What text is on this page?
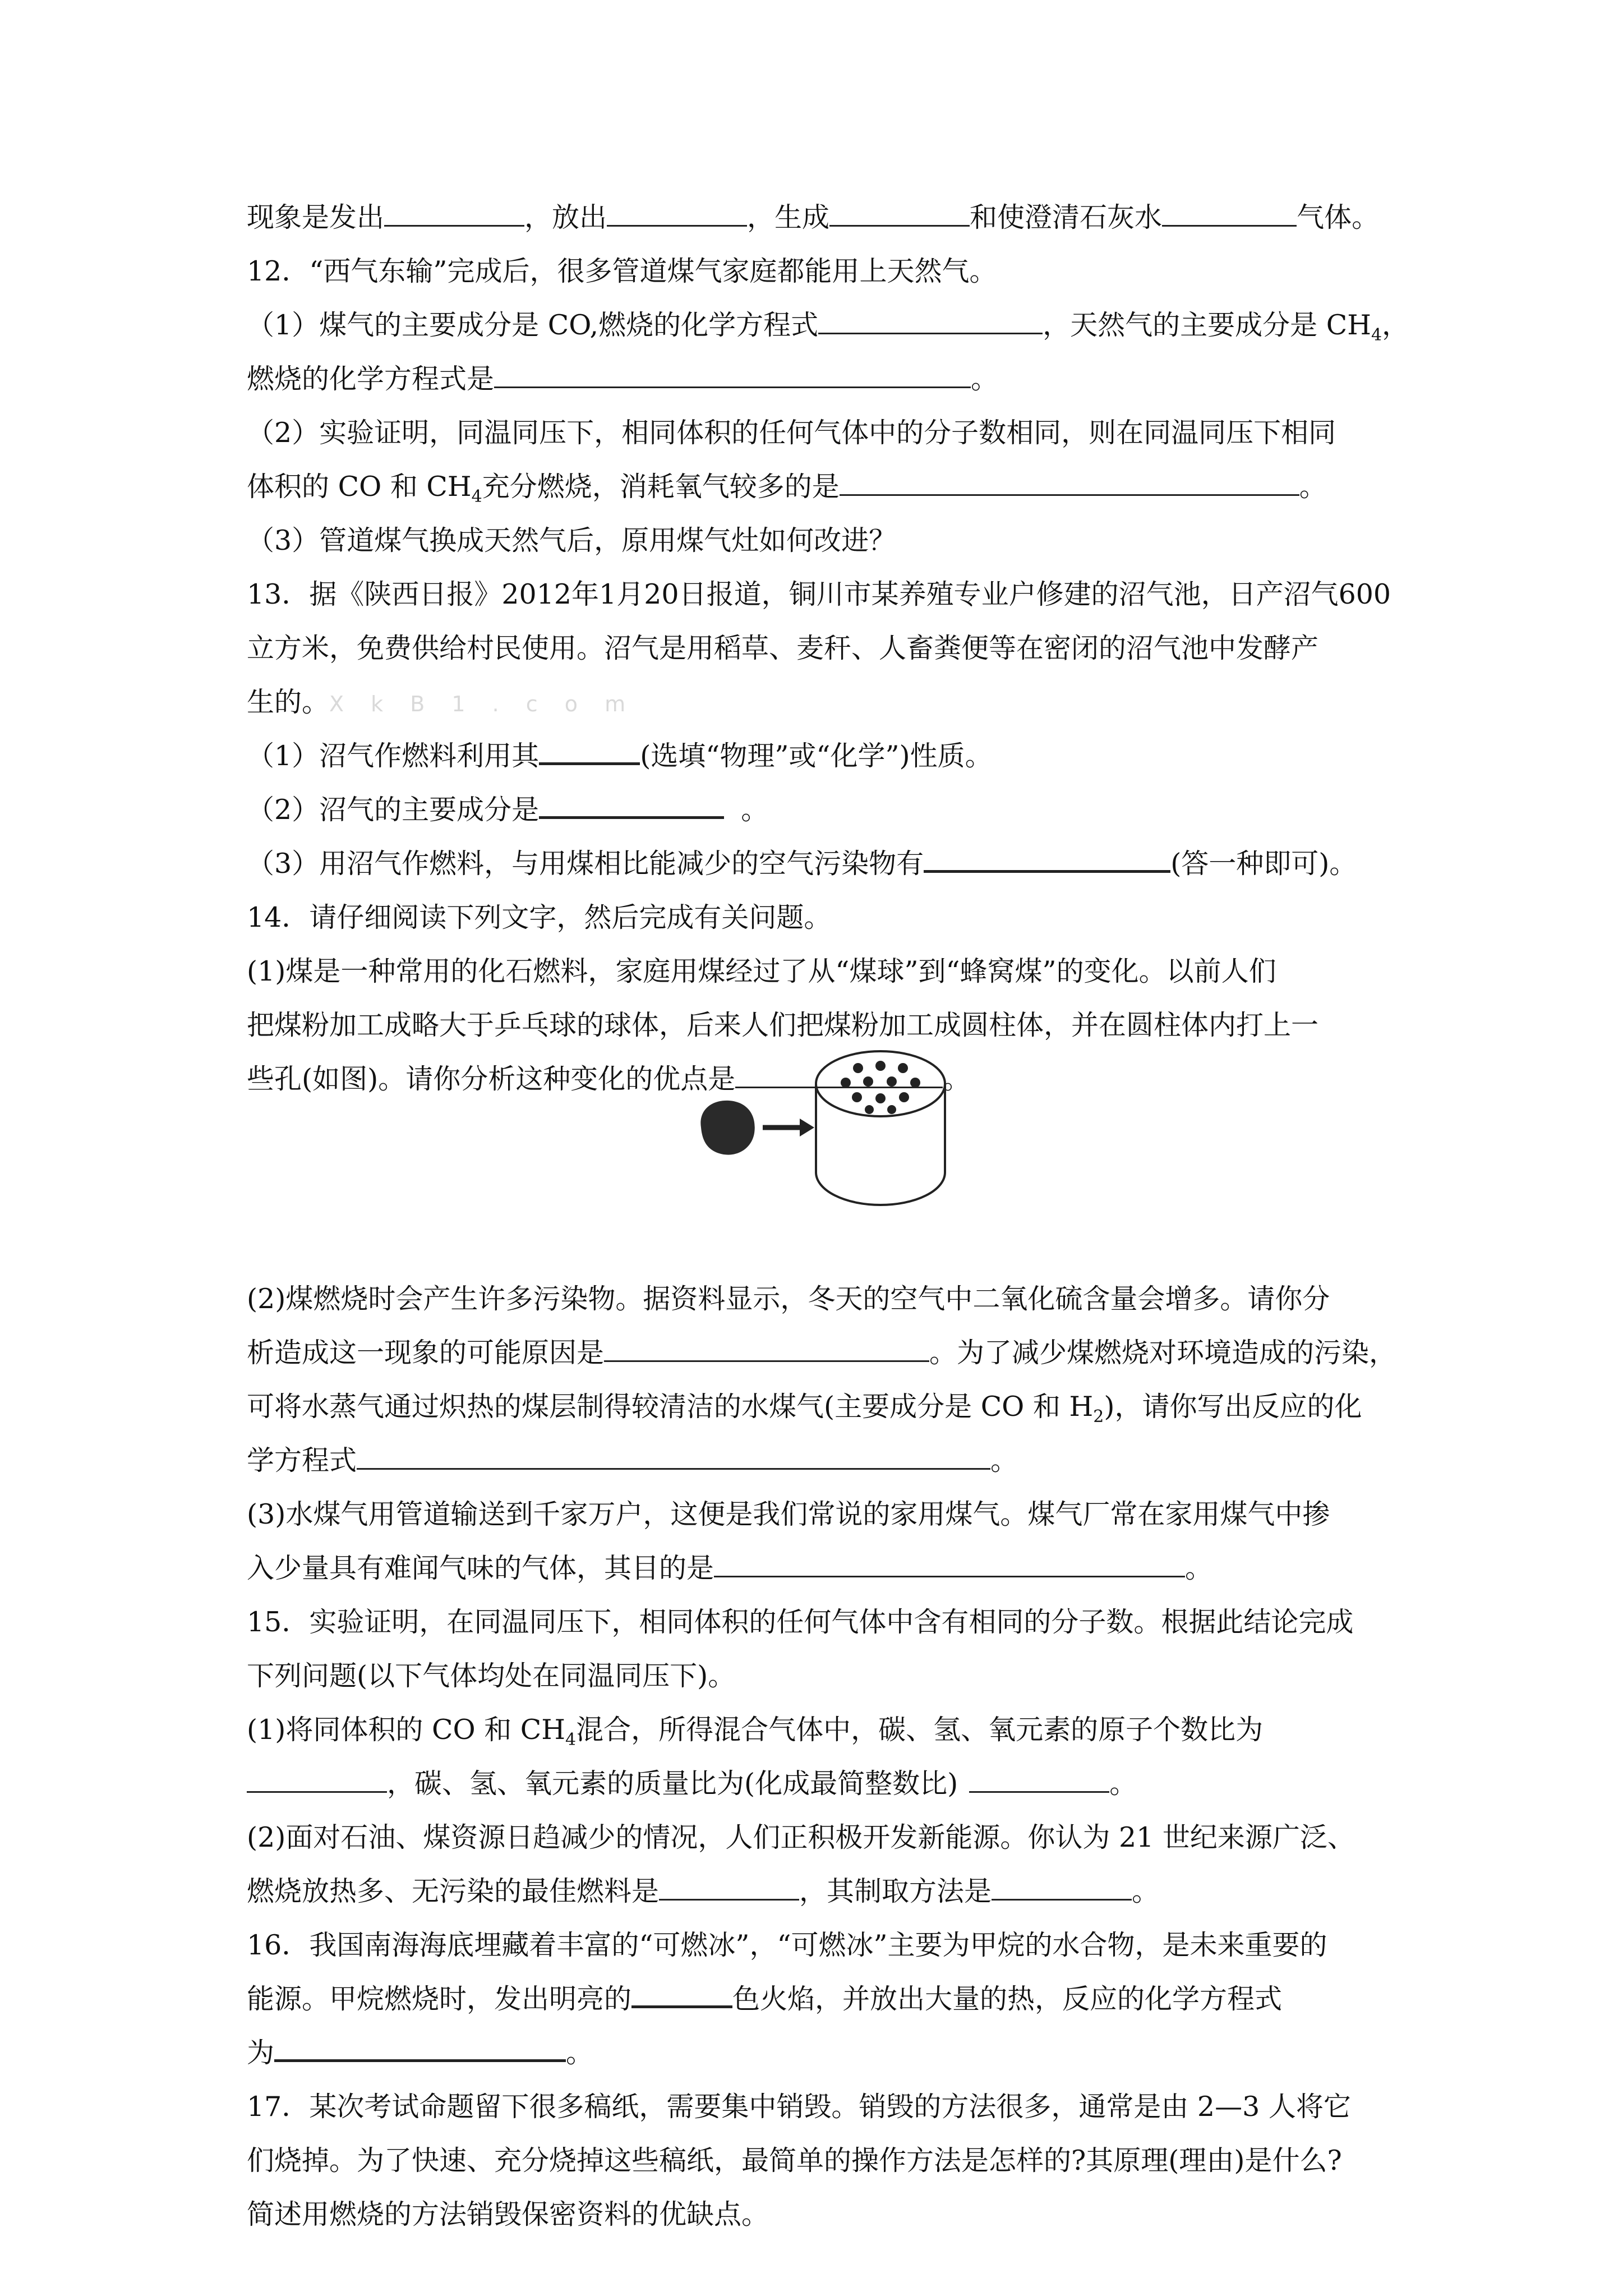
现象是发出	，放出	，生成	和使澄清石灰水	气体。
12．“西气东输”完成后，很多管道煤气家庭都能用上天然气。
（1）煤气的主要成分是 CO,燃烧的化学方程式	，天然气的主要成分是 $CH_4$，
燃烧的化学方程式是	。
（2）实验证明，同温同压下，相同体积的任何气体中的分子数相同，则在同温同压下相同
体积的 CO 和 $CH_4$充分燃烧，消耗氧气较多的是	。
（3）管道煤气换成天然气后，原用煤气灶如何改进？
13．据《陕西日报》2012年1月20日报道，铜川市某养殖专业户修建的沼气池，日产沼气600
立方米，免费供给村民使用。沼气是用稻草、麦秆、人畜粪便等在密闭的沼气池中发酵产
生的。X k B 1 . c o m
（1）沼气作燃料利用其	(选填“物理”或“化学”)性质。
（2）沼气的主要成分是	。
（3）用沼气作燃料，与用煤相比能减少的空气污染物有	(答一种即可)。
14．请仔细阅读下列文字，然后完成有关问题。
(1)煤是一种常用的化石燃料，家庭用煤经过了从“煤球”到“蜂窝煤”的变化。以前人们
把煤粉加工成略大于乒乓球的球体，后来人们把煤粉加工成圆柱体，并在圆柱体内打上一
些孔(如图)。请你分析这种变化的优点是	。
(2)煤燃烧时会产生许多污染物。据资料显示，冬天的空气中二氧化硫含量会增多。请你分
析造成这一现象的可能原因是	。为了减少煤燃烧对环境造成的污染，
可将水蒸气通过炽热的煤层制得较清洁的水煤气(主要成分是 CO 和 $H_2$)，请你写出反应的化
学方程式	。
(3)水煤气用管道输送到千家万户，这便是我们常说的家用煤气。煤气厂常在家用煤气中掺
入少量具有难闻气味的气体，其目的是	。
15．实验证明，在同温同压下，相同体积的任何气体中含有相同的分子数。根据此结论完成
下列问题(以下气体均处在同温同压下)。
(1)将同体积的 CO 和 $CH_4$混合，所得混合气体中，碳、氢、氧元素的原子个数比为
，碳、氢、氧元素的质量比为(化成最简整数比)	。
(2)面对石油、煤资源日趋减少的情况，人们正积极开发新能源。你认为 21 世纪来源广泛、
燃烧放热多、无污染的最佳燃料是	，其制取方法是	。
16．我国南海海底埋藏着丰富的“可燃冰”，“可燃冰”主要为甲烷的水合物，是未来重要的
能源。甲烷燃烧时，发出明亮的	色火焰，并放出大量的热，反应的化学方程式
为	。
17．某次考试命题留下很多稿纸，需要集中销毁。销毁的方法很多，通常是由 2—3 人将它
们烧掉。为了快速、充分烧掉这些稿纸，最简单的操作方法是怎样的?其原理(理由)是什么?
简述用燃烧的方法销毁保密资料的优缺点。
